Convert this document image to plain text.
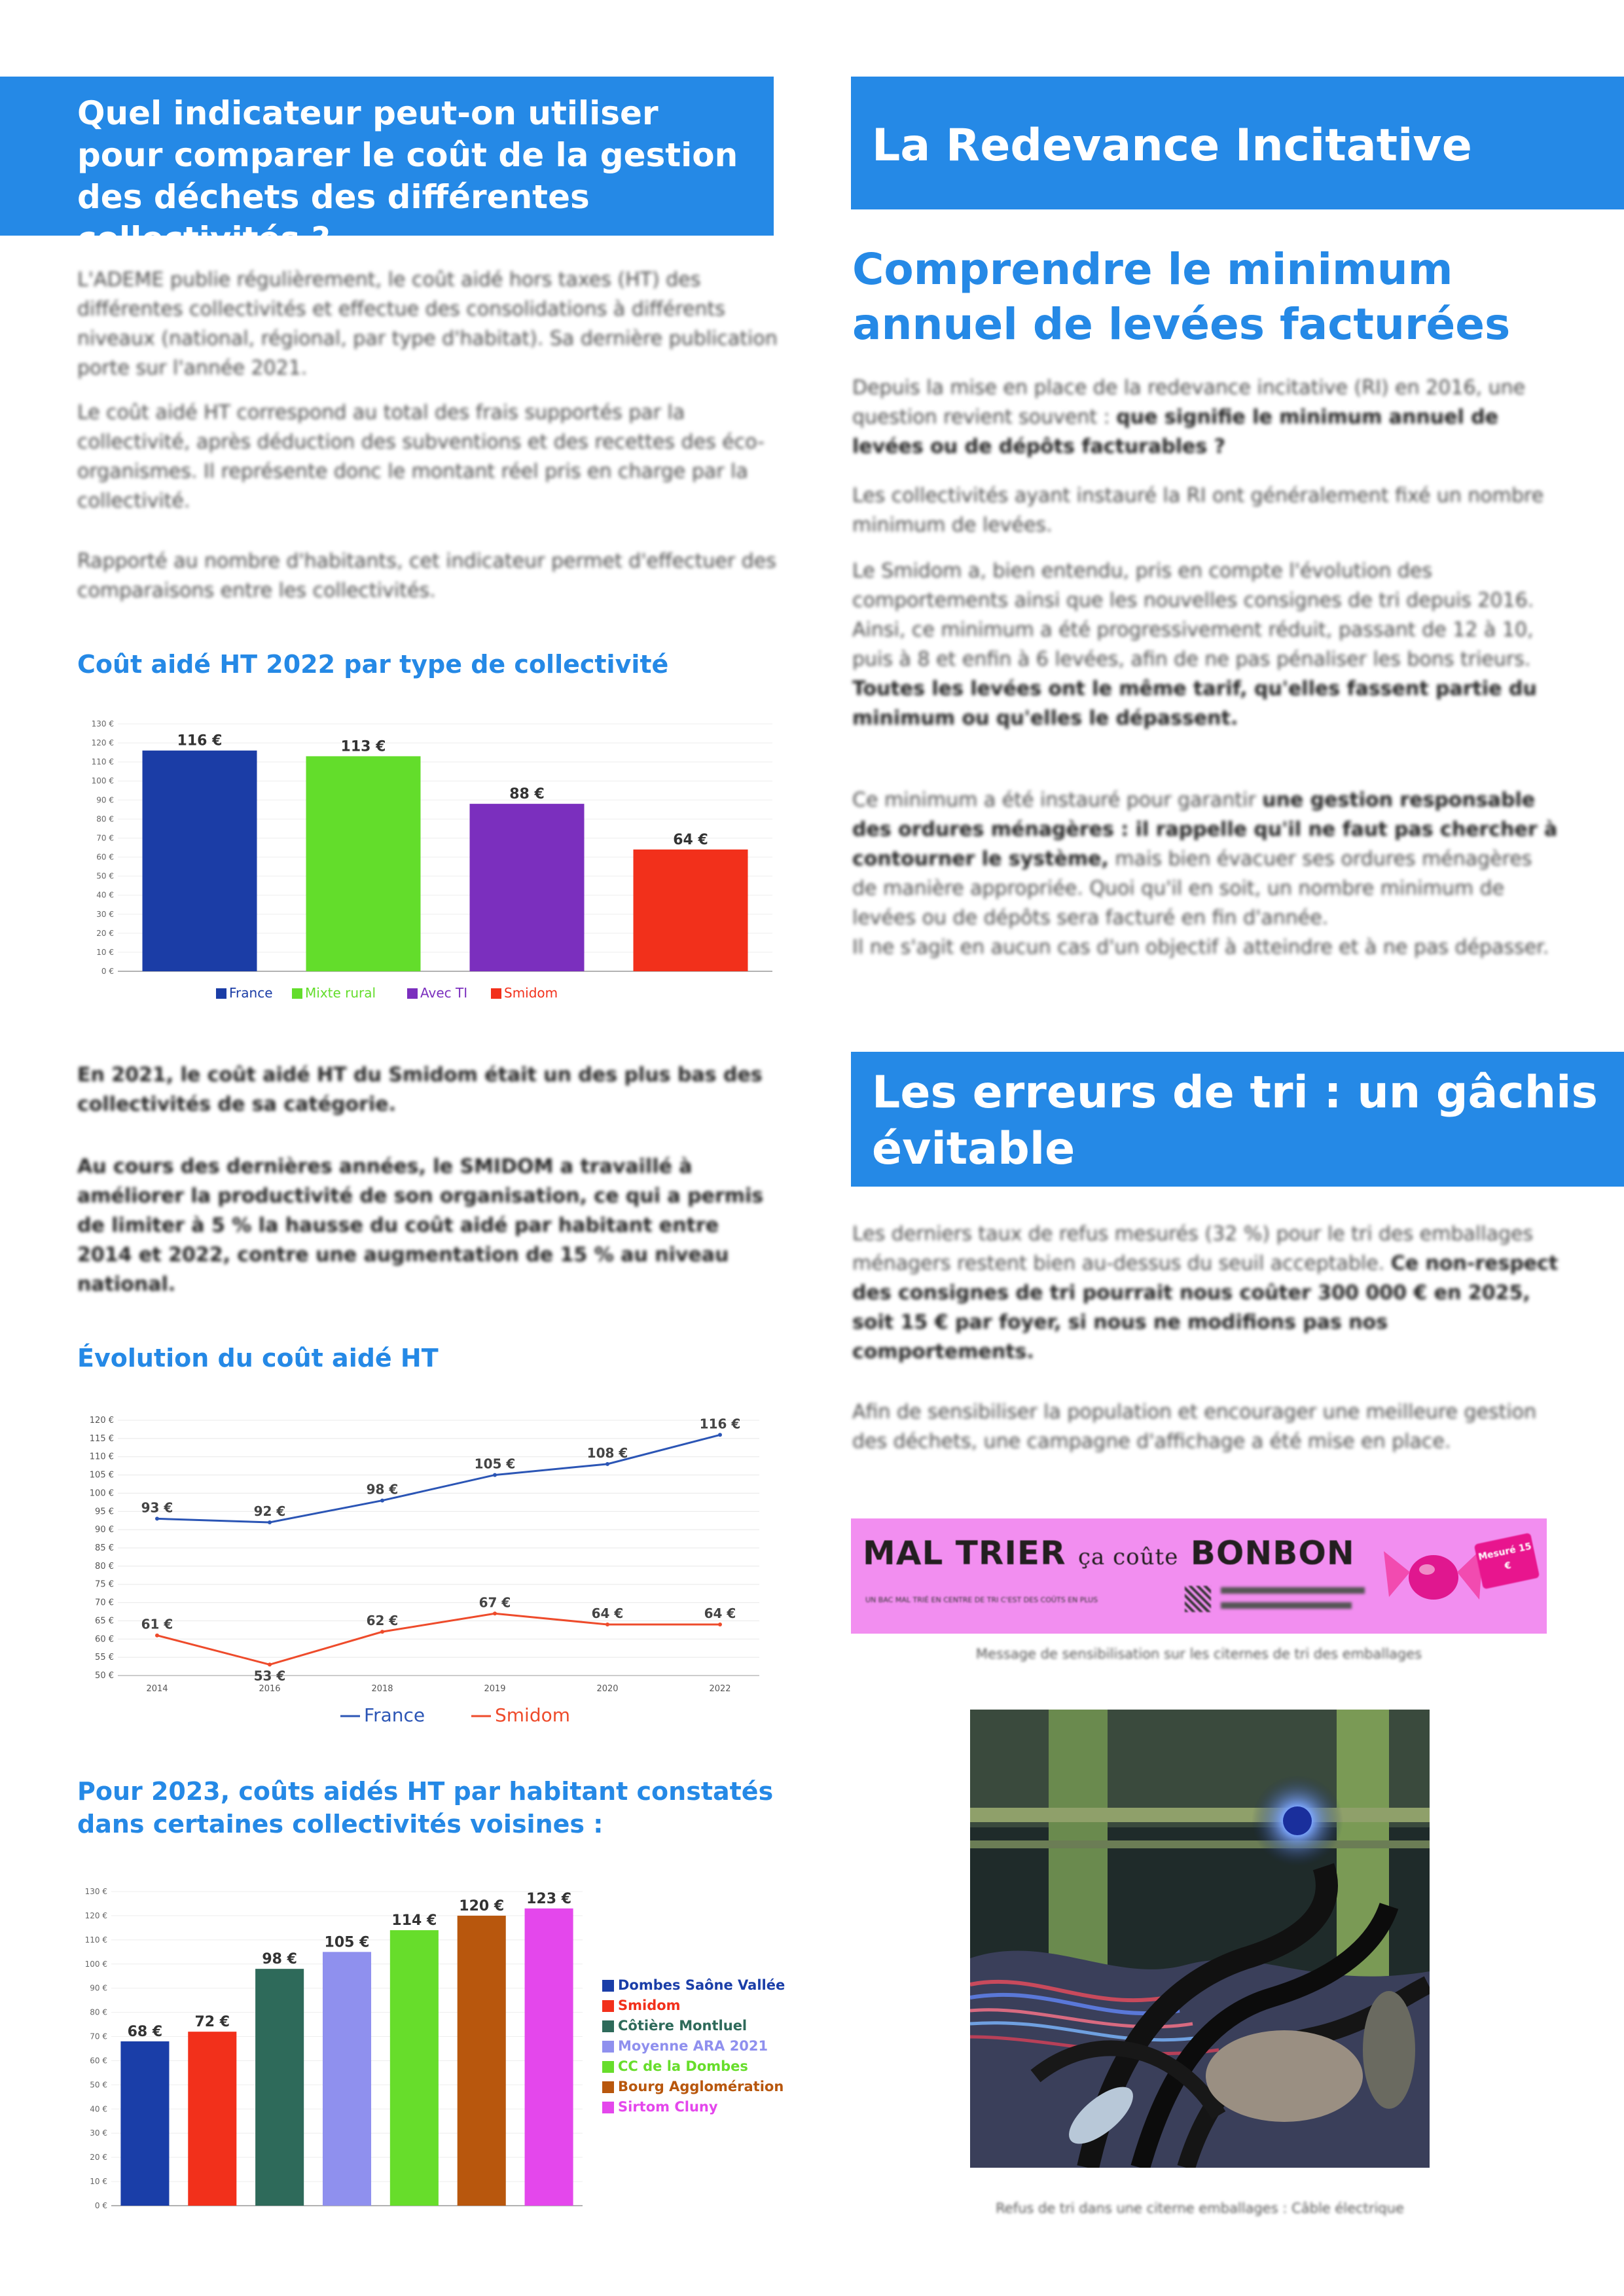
Quel indicateur peut-on utiliser pour comparer le coût de la gestion des déchets des différentes collectivités ?

L'ADEME publie régulièrement, le coût aidé hors taxes (HT) des différentes collectivités et effectue des consolidations à différents niveaux (national, régional, par type d'habitat). Sa dernière publication porte sur l'année 2021.

Le coût aidé HT correspond au total des frais supportés par la collectivité, après déduction des subventions et des recettes des éco-organismes. Il représente donc le montant réel pris en charge par la collectivité.

Rapporté au nombre d'habitants, cet indicateur permet d'effectuer des comparaisons entre les collectivités.

Coût aidé HT 2022 par type de collectivité
0 €
10 €
20 €
30 €
40 €
50 €
60 €
70 €
80 €
90 €
100 €
110 €
120 €
130 €
116 €	113 €
88 €
64 €
France Mixte rural	Avec TI	Smidom

En 2021, le coût aidé HT du Smidom était un des plus bas des collectivités de sa catégorie.

Au cours des dernières années, le SMIDOM a travaillé à améliorer la productivité de son organisation, ce qui a permis de limiter à 5 % la hausse du coût aidé par habitant entre 2014 et 2022, contre une augmentation de 15 % au niveau national.

Évolution du coût aidé HT
50 €
55 €
60 €
65 €
70 €
75 €
80 €
85 €
90 €
95 €
100 €
105 €
110 €
115 €
120 €
2014	2016	2018	2019	2020	2022
93 €	92 €
98 €
105 €
108 €
116 €
61 €
53 €
62 €
67 €
64 €	64 €
France	Smidom
Pour 2023, coûts aidés HT par habitant constatés dans certaines collectivités voisines :
0 €
10 €
20 €
30 €
40 €
50 €
60 €
70 €
80 €
90 €
100 €
110 €
120 €
130 €
68 €
72 €
98 €
105 €
114 €
120 € 123 €
Dombes Saône Vallée
Smidom
Côtière Montluel
Moyenne ARA 2021
CC de la Dombes
Bourg Agglomération
Sirtom Cluny
La Redevance Incitative
Comprendre le minimum annuel de levées facturées

Depuis la mise en place de la redevance incitative (RI) en 2016, une question revient souvent : que signifie le minimum annuel de levées ou de dépôts facturables ?

Les collectivités ayant instauré la RI ont généralement fixé un nombre minimum de levées.

Le Smidom a, bien entendu, pris en compte l'évolution des comportements ainsi que les nouvelles consignes de tri depuis 2016. Ainsi, ce minimum a été progressivement réduit, passant de 12 à 10, puis à 8 et enfin à 6 levées, afin de ne pas pénaliser les bons trieurs.
Toutes les levées ont le même tarif, qu'elles fassent partie du minimum ou qu'elles le dépassent.

Ce minimum a été instauré pour garantir une gestion responsable des ordures ménagères : il rappelle qu'il ne faut pas chercher à contourner le système, mais bien évacuer ses ordures ménagères de manière appropriée. Quoi qu'il en soit, un nombre minimum de levées ou de dépôts sera facturé en fin d'année.
Il ne s'agit en aucun cas d'un objectif à atteindre et à ne pas dépasser.

Les erreurs de tri : un gâchis évitable

Les derniers taux de refus mesurés (32 %) pour le tri des emballages ménagers restent bien au-dessus du seuil acceptable. Ce non-respect des consignes de tri pourrait nous coûter 300 000 € en 2025, soit 15 € par foyer, si nous ne modifions pas nos comportements.

Afin de sensibiliser la population et encourager une meilleure gestion des déchets, une campagne d'affichage a été mise en place.

MAL TRIER ça coûte BONBON
UN BAC MAL TRIÉ EN CENTRE DE TRI C'EST DES COÛTS EN PLUS
Mesuré 15 €
Message de sensibilisation sur les citernes de tri des emballages
Refus de tri dans une citerne emballages : Câble électrique
